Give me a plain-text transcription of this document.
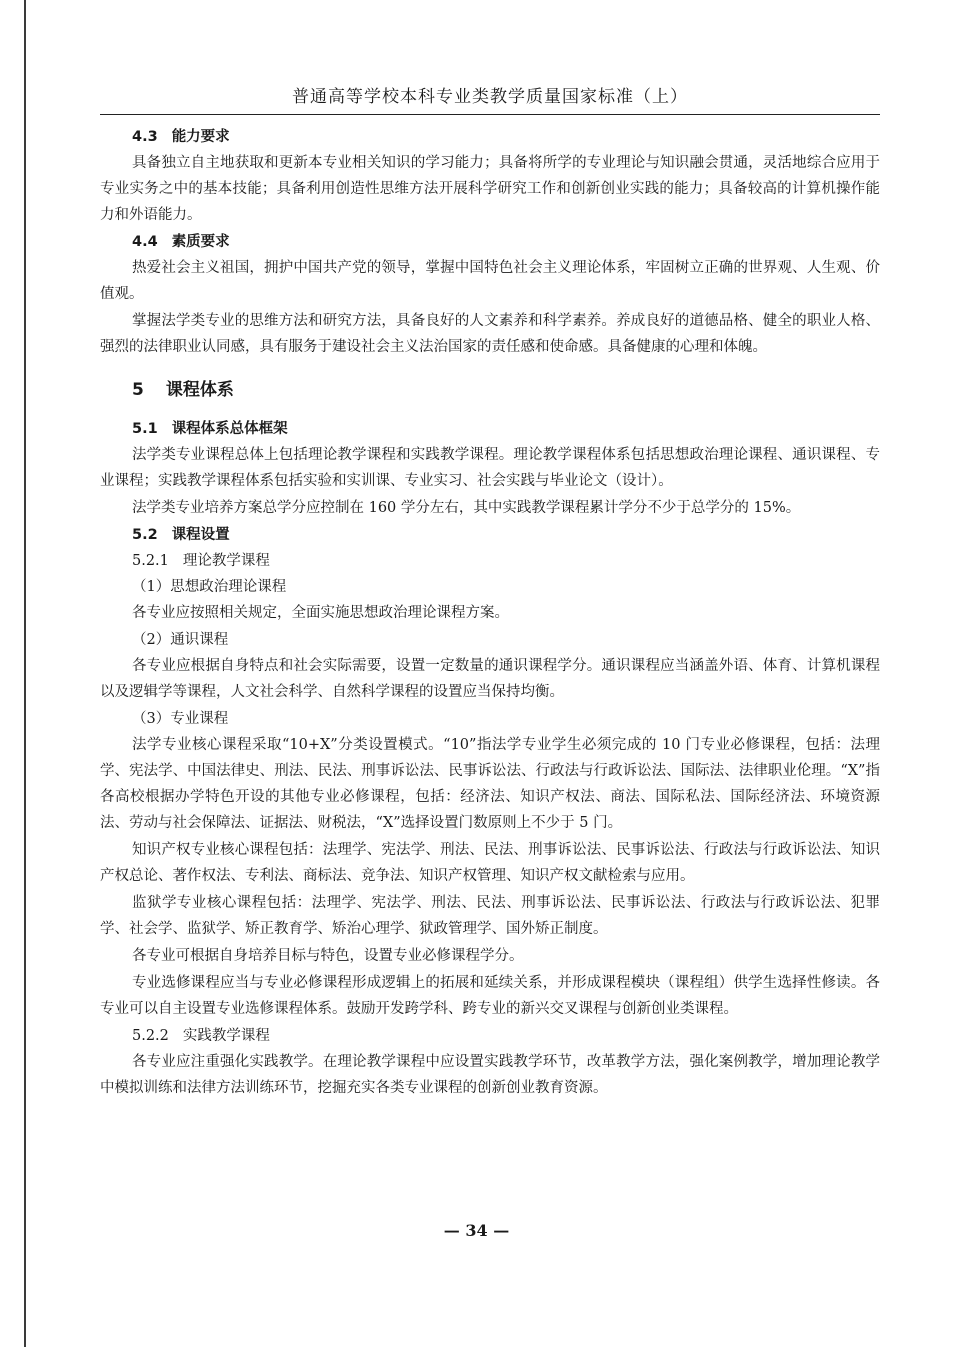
普通高等学校本科专业类教学质量国家标准（上）
4.3 能力要求
具备独立自主地获取和更新本专业相关知识的学习能力；具备将所学的专业理论与知识融会贯通，灵活地综合应用于专业实务之中的基本技能；具备利用创造性思维方法开展科学研究工作和创新创业实践的能力；具备较高的计算机操作能力和外语能力。
4.4 素质要求
热爱社会主义祖国，拥护中国共产党的领导，掌握中国特色社会主义理论体系，牢固树立正确的世界观、人生观、价值观。
掌握法学类专业的思维方法和研究方法，具备良好的人文素养和科学素养。养成良好的道德品格、健全的职业人格、强烈的法律职业认同感，具有服务于建设社会主义法治国家的责任感和使命感。具备健康的心理和体魄。
5 课程体系
5.1 课程体系总体框架
法学类专业课程总体上包括理论教学课程和实践教学课程。理论教学课程体系包括思想政治理论课程、通识课程、专业课程；实践教学课程体系包括实验和实训课、专业实习、社会实践与毕业论文（设计）。
法学类专业培养方案总学分应控制在 160 学分左右，其中实践教学课程累计学分不少于总学分的 15%。
5.2 课程设置
5.2.1 理论教学课程
（1）思想政治理论课程
各专业应按照相关规定，全面实施思想政治理论课程方案。
（2）通识课程
各专业应根据自身特点和社会实际需要，设置一定数量的通识课程学分。通识课程应当涵盖外语、体育、计算机课程以及逻辑学等课程，人文社会科学、自然科学课程的设置应当保持均衡。
（3）专业课程
法学专业核心课程采取“10+X”分类设置模式。“10”指法学专业学生必须完成的 10 门专业必修课程，包括：法理学、宪法学、中国法律史、刑法、民法、刑事诉讼法、民事诉讼法、行政法与行政诉讼法、国际法、法律职业伦理。“X”指各高校根据办学特色开设的其他专业必修课程，包括：经济法、知识产权法、商法、国际私法、国际经济法、环境资源法、劳动与社会保障法、证据法、财税法，“X”选择设置门数原则上不少于 5 门。
知识产权专业核心课程包括：法理学、宪法学、刑法、民法、刑事诉讼法、民事诉讼法、行政法与行政诉讼法、知识产权总论、著作权法、专利法、商标法、竞争法、知识产权管理、知识产权文献检索与应用。
监狱学专业核心课程包括：法理学、宪法学、刑法、民法、刑事诉讼法、民事诉讼法、行政法与行政诉讼法、犯罪学、社会学、监狱学、矫正教育学、矫治心理学、狱政管理学、国外矫正制度。
各专业可根据自身培养目标与特色，设置专业必修课程学分。
专业选修课程应当与专业必修课程形成逻辑上的拓展和延续关系，并形成课程模块（课程组）供学生选择性修读。各专业可以自主设置专业选修课程体系。鼓励开发跨学科、跨专业的新兴交叉课程与创新创业类课程。
5.2.2 实践教学课程
各专业应注重强化实践教学。在理论教学课程中应设置实践教学环节，改革教学方法，强化案例教学，增加理论教学中模拟训练和法律方法训练环节，挖掘充实各类专业课程的创新创业教育资源。
— 34 —
